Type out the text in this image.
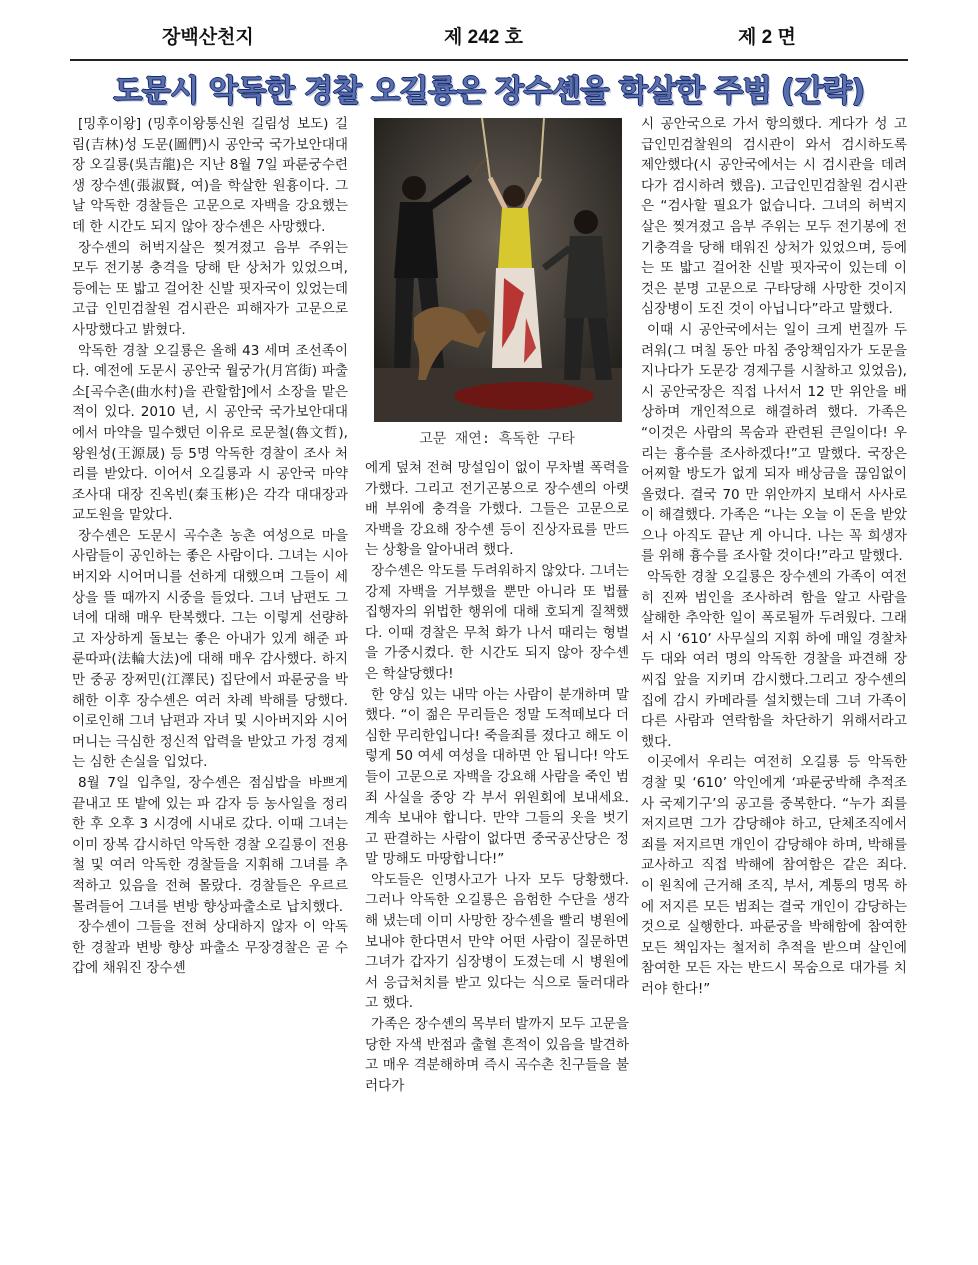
장백산천지	제 242 호	제 2 면
도문시 악독한 경찰 오길룡은 장수셴을 학살한 주범 (간략)

[밍후이왕] (밍후이왕통신원 길림성 보도) 길림(吉林)성 도문(圖們)시 공안국 국가보안대대장 오길룡(吳吉龍)은 지난 8월 7일 파룬궁수련생 장수셴(張淑賢, 여)을 학살한 원흉이다. 그날 악독한 경찰들은 고문으로 자백을 강요했는데 한 시간도 되지 않아 장수셴은 사망했다.

장수셴의 허벅지살은 찢겨졌고 음부 주위는 모두 전기봉 충격을 당해 탄 상처가 있었으며, 등에는 또 밟고 걸어찬 신발 핏자국이 있었는데 고급 인민검찰원 검시관은 피해자가 고문으로 사망했다고 밝혔다.

악독한 경찰 오길룡은 올해 43 세며 조선족이다. 예전에 도문시 공안국 월궁가(月宮街) 파출소[곡수촌(曲水村)을 관할함]에서 소장을 맡은 적이 있다. 2010 년, 시 공안국 국가보안대대에서 마약을 밀수했던 이유로 로문철(魯文哲), 왕원성(王源晟) 등 5명 악독한 경찰이 조사 처리를 받았다. 이어서 오길룡과 시 공안국 마약조사대 대장 진옥빈(秦玉彬)은 각각 대대장과 교도원을 맡았다.

장수셴은 도문시 곡수촌 농촌 여성으로 마을 사람들이 공인하는 좋은 사람이다. 그녀는 시아버지와 시어머니를 선하게 대했으며 그들이 세상을 뜰 때까지 시중을 들었다. 그녀 남편도 그녀에 대해 매우 탄복했다. 그는 이렇게 선량하고 자상하게 돌보는 좋은 아내가 있게 해준 파룬따파(法輪大法)에 대해 매우 감사했다. 하지만 중공 장쩌민(江澤民) 집단에서 파룬궁을 박해한 이후 장수셴은 여러 차례 박해를 당했다. 이로인해 그녀 남편과 자녀 및 시아버지와 시어머니는 극심한 정신적 압력을 받았고 가정 경제는 심한 손실을 입었다.

8월 7일 입추일, 장수셴은 점심밥을 바쁘게 끝내고 또 밭에 있는 파 감자 등 농사일을 정리한 후 오후 3 시경에 시내로 갔다. 이때 그녀는 이미 장복 감시하던 악독한 경찰 오길룡이 전용철 및 여러 악독한 경찰들을 지휘해 그녀를 추적하고 있음을 전혀 몰랐다. 경찰들은 우르르 몰려들어 그녀를 변방 향상파출소로 납치했다.

장수셴이 그들을 전혀 상대하지 않자 이 악독한 경찰과 변방 향상 파출소 무장경찰은 곧 수갑에 채워진 장수셴

고문 재연: 흑독한 구타

에게 덮쳐 전혀 망설임이 없이 무차별 폭력을 가했다. 그리고 전기곤봉으로 장수셴의 아랫배 부위에 충격을 가했다. 그들은 고문으로 자백을 강요해 장수셴 등이 진상자료를 만드는 상황을 알아내려 했다.

장수셴은 악도를 두려워하지 않았다. 그녀는 강제 자백을 거부했을 뿐만 아니라 또 법률 집행자의 위법한 행위에 대해 호되게 질책했다. 이때 경찰은 무척 화가 나서 때리는 형벌을 가중시켰다. 한 시간도 되지 않아 장수셴은 학살당했다!

한 양심 있는 내막 아는 사람이 분개하며 말했다. “이 젊은 무리들은 정말 도적떼보다 더 심한 무리한입니다! 죽을죄를 졌다고 해도 이렇게 50 여세 여성을 대하면 안 됩니다! 악도들이 고문으로 자백을 강요해 사람을 죽인 범죄 사실을 중앙 각 부서 위원회에 보내세요. 계속 보내야 합니다. 만약 그들의 옷을 벗기고 판결하는 사람이 없다면 중국공산당은 정말 망해도 마땅합니다!”

악도들은 인명사고가 나자 모두 당황했다. 그러나 악독한 오길룡은 음험한 수단을 생각해 냈는데 이미 사망한 장수셴을 빨리 병원에 보내야 한다면서 만약 어떤 사람이 질문하면 그녀가 갑자기 심장병이 도졌는데 시 병원에서 응급처치를 받고 있다는 식으로 둘러대라고 했다.

가족은 장수셴의 목부터 발까지 모두 고문을 당한 자색 반점과 출혈 흔적이 있음을 발견하고 매우 격분해하며 즉시 곡수촌 친구들을 불러다가

시 공안국으로 가서 항의했다. 게다가 성 고급인민검찰원의 검시관이 와서 검시하도록 제안했다(시 공안국에서는 시 검시관을 데려다가 검시하려 했음). 고급인민검찰원 검시관은 “검사할 필요가 없습니다. 그녀의 허벅지살은 찢겨졌고 음부 주위는 모두 전기봉에 전기충격을 당해 태워진 상처가 있었으며, 등에는 또 밟고 걸어찬 신발 핏자국이 있는데 이것은 분명 고문으로 구타당해 사망한 것이지 심장병이 도진 것이 아닙니다”라고 말했다.

이때 시 공안국에서는 일이 크게 번질까 두려워(그 며칠 동안 마침 중앙책임자가 도문을 지나다가 도문강 경제구를 시찰하고 있었음), 시 공안국장은 직접 나서서 12 만 위안을 배상하며 개인적으로 해결하려 했다. 가족은 “이것은 사람의 목숨과 관련된 큰일이다! 우리는 흉수를 조사하겠다!”고 말했다. 국장은 어찌할 방도가 없게 되자 배상금을 끊임없이 올렸다. 결국 70 만 위안까지 보태서 사사로이 해결했다. 가족은 “나는 오늘 이 돈을 받았으나 아직도 끝난 게 아니다. 나는 꼭 희생자를 위해 흉수를 조사할 것이다!”라고 말했다.

악독한 경찰 오길룡은 장수셴의 가족이 여전히 진짜 범인을 조사하려 함을 알고 사람을 살해한 추악한 일이 폭로될까 두려웠다. 그래서 시 ‘610’ 사무실의 지휘 하에 매일 경찰차 두 대와 여러 명의 악독한 경찰을 파견해 장씨집 앞을 지키며 감시했다.그리고 장수셴의 집에 감시 카메라를 설치했는데 그녀 가족이 다른 사람과 연락함을 차단하기 위해서라고 했다.

이곳에서 우리는 여전히 오길룡 등 악독한 경찰 및 ‘610’ 악인에게 ‘파룬궁박해 추적조사 국제기구’의 공고를 중복한다. “누가 죄를 저지르면 그가 감당해야 하고, 단체조직에서 죄를 저지르면 개인이 감당해야 하며, 박해를 교사하고 직접 박해에 참여함은 같은 죄다. 이 원칙에 근거해 조직, 부서, 계통의 명목 하에 저지른 모든 범죄는 결국 개인이 감당하는 것으로 실행한다. 파룬궁을 박해함에 참여한 모든 책임자는 철저히 추적을 받으며 살인에 참여한 모든 자는 반드시 목숨으로 대가를 치러야 한다!”
